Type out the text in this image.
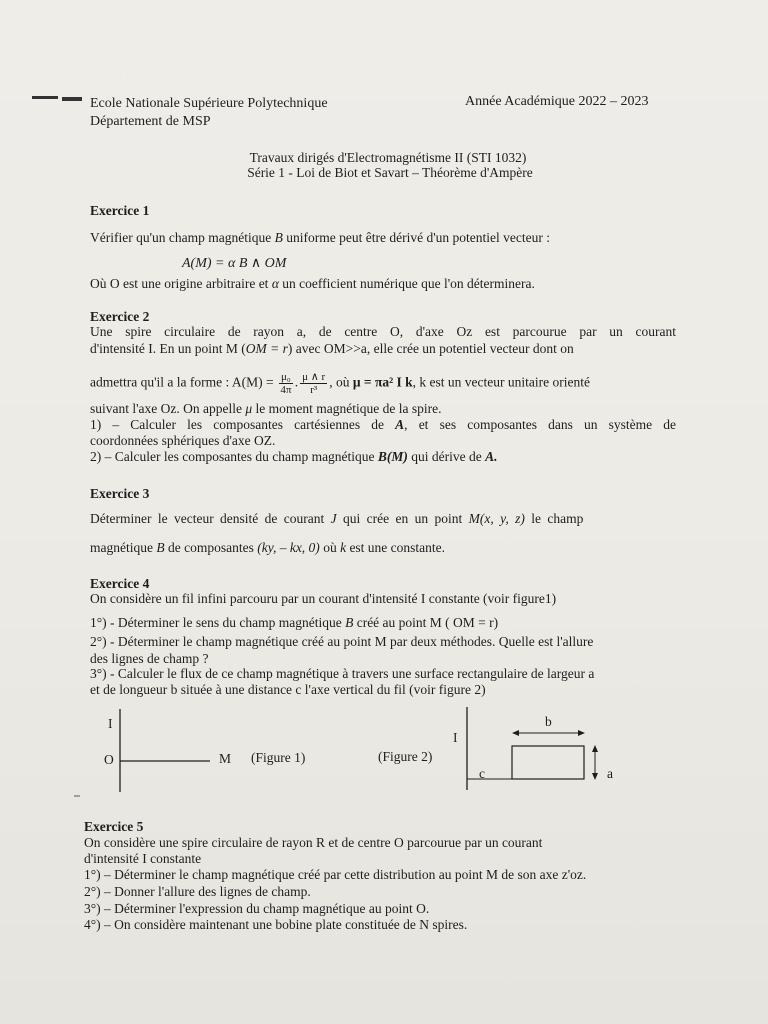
Ecole Nationale Supérieure Polytechnique	Année Académique 2022 – 2023
Département de MSP
Travaux dirigés d'Electromagnétisme II (STI 1032)
Série 1 - Loi de Biot et Savart – Théorème d'Ampère
Exercice 1
Vérifier qu'un champ magnétique B uniforme peut être dérivé d'un potentiel vecteur :
A(M) = α B ∧ OM
Où O est une origine arbitraire et α un coefficient numérique que l'on déterminera.
Exercice 2
Une spire circulaire de rayon a, de centre O, d'axe Oz est parcourue par un courant
d'intensité I. En un point M (OM = r) avec OM>>a, elle crée un potentiel vecteur dont on
admettra qu'il a la forme : $A(M) = \frac{\text{μ₀}}{4\pi}$ . $\frac{\mu \wedge r}{\text{r³}}$ , où μ = πa² I k, k est un vecteur unitaire orienté
suivant l'axe Oz. On appelle μ le moment magnétique de la spire.
1) – Calculer les composantes cartésiennes de A, et ses composantes dans un système de
coordonnées sphériques d'axe OZ.
2) – Calculer les composantes du champ magnétique B(M) qui dérive de A.
Exercice 3
Déterminer le vecteur densité de courant J qui crée en un point M(x, y, z) le champ
magnétique B de composantes (ky, – kx, 0) où k est une constante.
Exercice 4
On considère un fil infini parcouru par un courant d'intensité I constante (voir figure1)
1°) - Déterminer le sens du champ magnétique B créé au point M ( OM = r)
2°) - Déterminer le champ magnétique créé au point M par deux méthodes. Quelle est l'allure
des lignes de champ ?
3°) - Calculer le flux de ce champ magnétique à travers une surface rectangulaire de largeur a
et de longueur b située à une distance c l'axe vertical du fil (voir figure 2)
I
O	M (Figure 1)	(Figure 2)
I
b
c	a
Exercice 5
On considère une spire circulaire de rayon R et de centre O parcourue par un courant
d'intensité I constante
1°) – Déterminer le champ magnétique créé par cette distribution au point M de son axe z'oz.
2°) – Donner l'allure des lignes de champ.
3°) – Déterminer l'expression du champ magnétique au point O.
4°) – On considère maintenant une bobine plate constituée de N spires.
